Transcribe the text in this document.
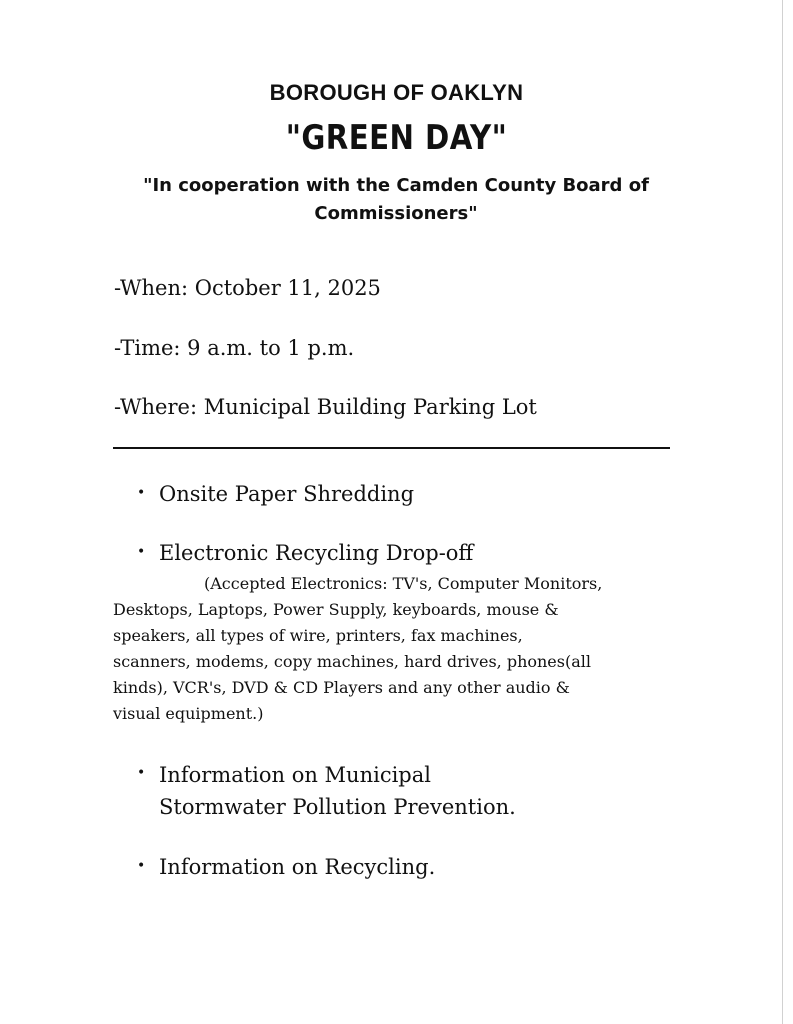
BOROUGH OF OAKLYN
"GREEN DAY"
"In cooperation with the Camden County Board of Commissioners"
-When: October 11, 2025
-Time: 9 a.m. to 1 p.m.
-Where: Municipal Building Parking Lot
• Onsite Paper Shredding
• Electronic Recycling Drop-off
(Accepted Electronics: TV's, Computer Monitors,
Desktops, Laptops, Power Supply, keyboards, mouse &
speakers, all types of wire, printers, fax machines,
scanners, modems, copy machines, hard drives, phones(all
kinds), VCR's, DVD & CD Players and any other audio &
visual equipment.)
• Information on Municipal
Stormwater Pollution Prevention.
• Information on Recycling.
